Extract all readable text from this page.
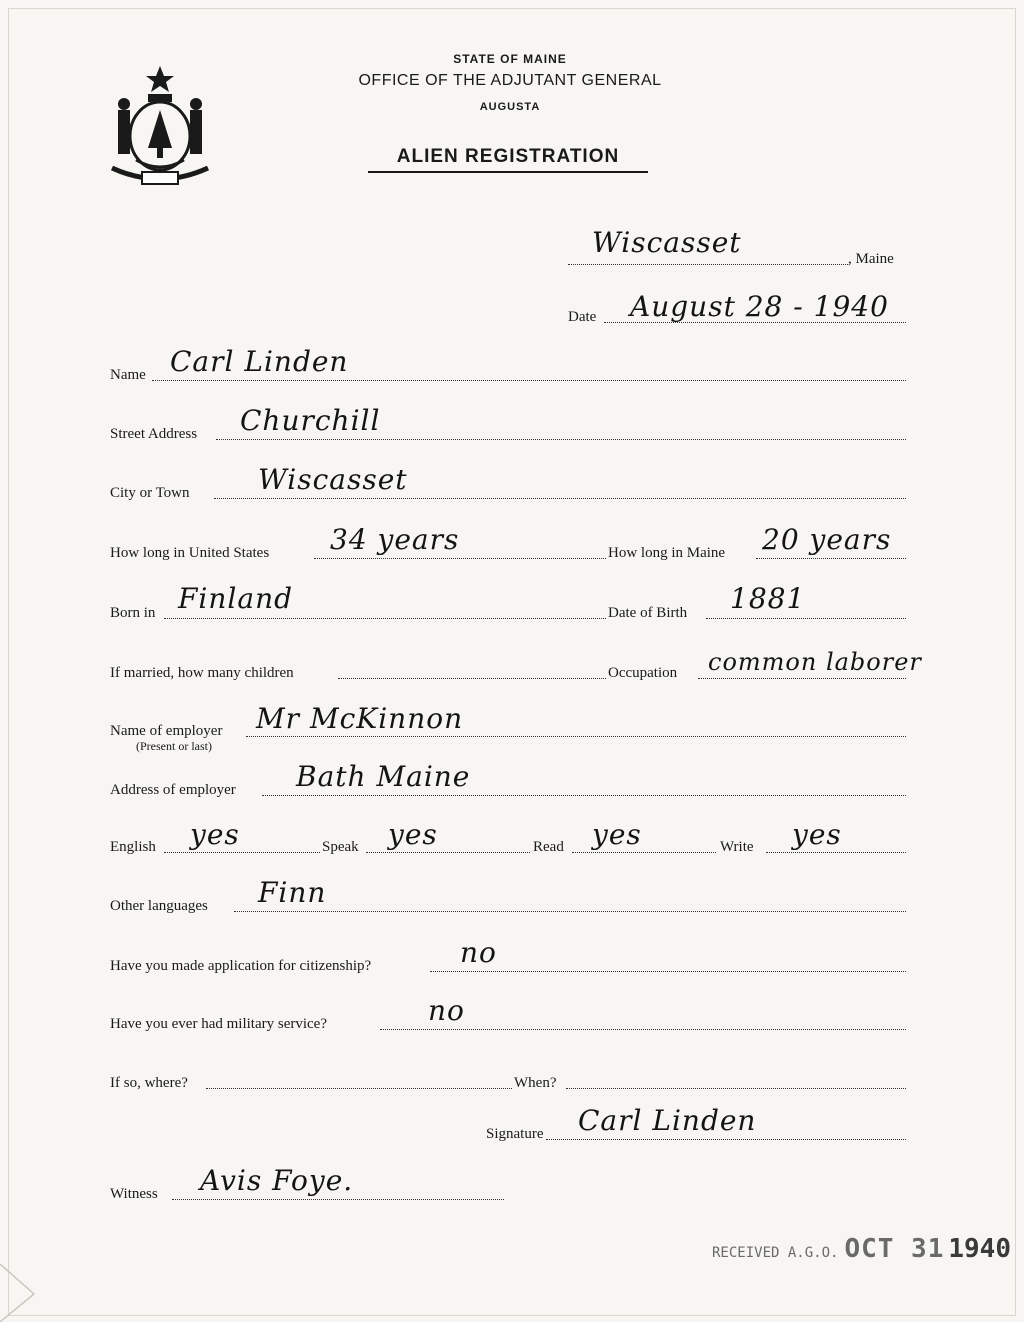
STATE OF MAINE
OFFICE OF THE ADJUTANT GENERAL
AUGUSTA
ALIEN REGISTRATION
Wiscasset	, Maine
Date August 28 - 1940
Name Carl Linden
Street Address Churchill
City or Town Wiscasset
How long in United States 34 years	How long in Maine 20 years
Born in Finland	Date of Birth 1881
If married, how many children	Occupation common laborer
Name of employer
(Present or last)
Mr McKinnon
Address of employer Bath Maine
English yes	Speak yes	Read yes	Write yes
Other languages Finn
Have you made application for citizenship?	no
Have you ever had military service?	no
If so, where?	When?
Signature Carl Linden
Witness Avis Foye.
RECEIVED A.G.O. OCT 31 1940
